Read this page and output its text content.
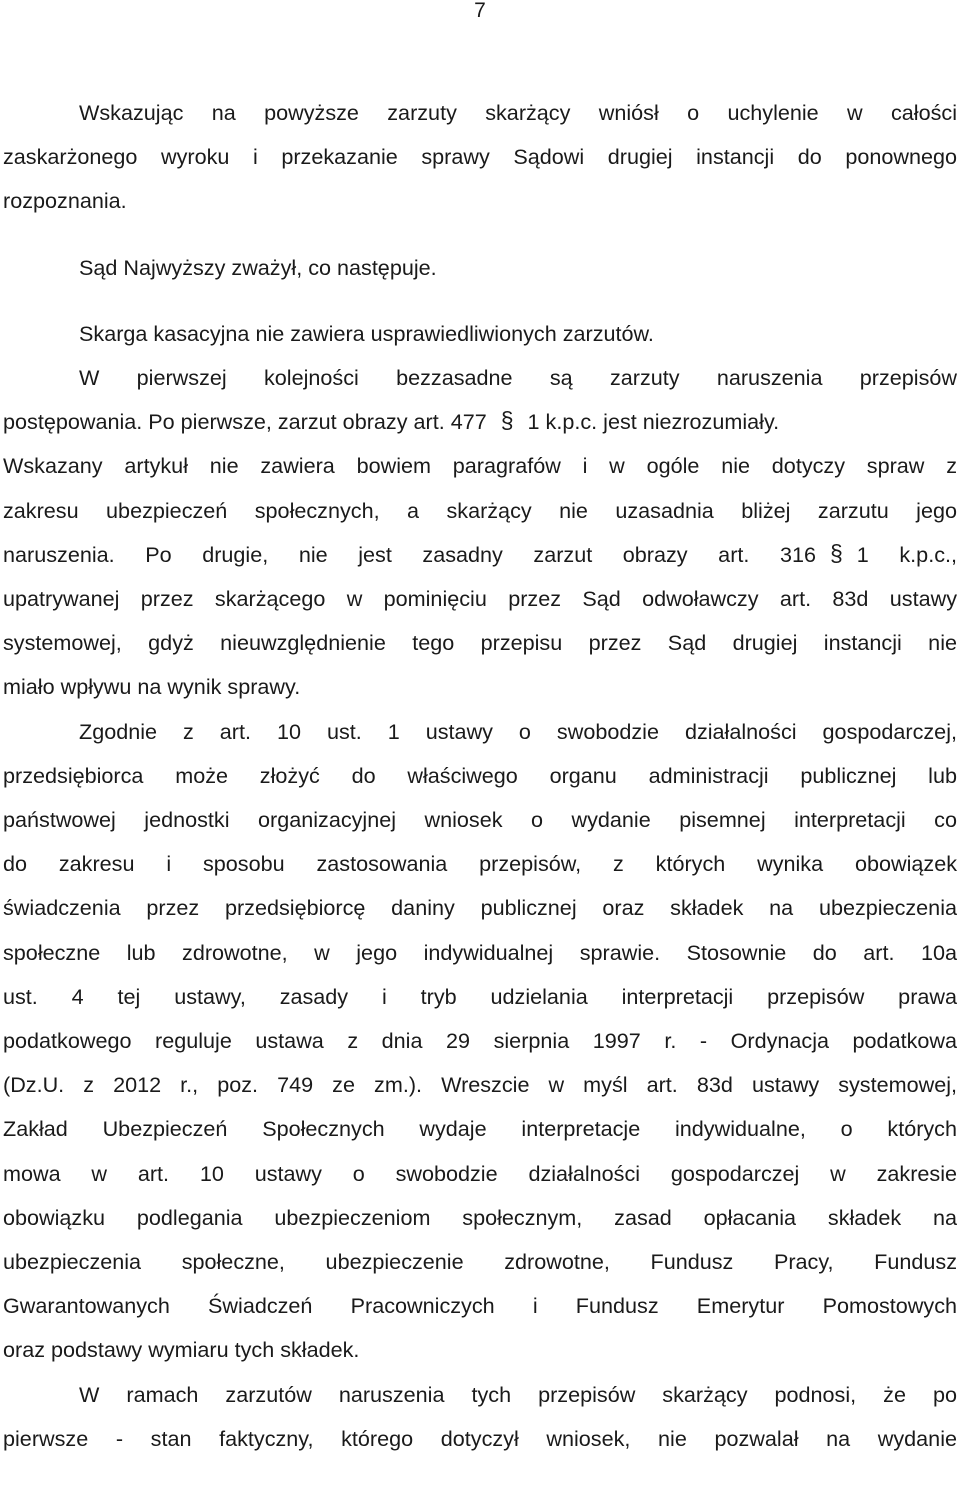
7

Wskazując na powyższe zarzuty skarżący wniósł o uchylenie w całości
zaskarżonego wyroku i przekazanie sprawy Sądowi drugiej instancji do ponownego
rozpoznania.
Sąd Najwyższy zważył, co następuje.
Skarga kasacyjna nie zawiera usprawiedliwionych zarzutów.
W pierwszej kolejności bezzasadne są zarzuty naruszenia przepisów
postępowania. Po pierwsze, zarzut obrazy art. 477 § 1 k.p.c. jest niezrozumiały.
Wskazany artykuł nie zawiera bowiem paragrafów i w ogóle nie dotyczy spraw z
zakresu ubezpieczeń społecznych, a skarżący nie uzasadnia bliżej zarzutu jego
naruszenia. Po drugie, nie jest zasadny zarzut obrazy art. 316 § 1 k.p.c.,
upatrywanej przez skarżącego w pominięciu przez Sąd odwoławczy art. 83d ustawy
systemowej, gdyż nieuwzględnienie tego przepisu przez Sąd drugiej instancji nie
miało wpływu na wynik sprawy.
Zgodnie z art. 10 ust. 1 ustawy o swobodzie działalności gospodarczej,
przedsiębiorca może złożyć do właściwego organu administracji publicznej lub
państwowej jednostki organizacyjnej wniosek o wydanie pisemnej interpretacji co
do zakresu i sposobu zastosowania przepisów, z których wynika obowiązek
świadczenia przez przedsiębiorcę daniny publicznej oraz składek na ubezpieczenia
społeczne lub zdrowotne, w jego indywidualnej sprawie. Stosownie do art. 10a
ust. 4 tej ustawy, zasady i tryb udzielania interpretacji przepisów prawa
podatkowego reguluje ustawa z dnia 29 sierpnia 1997 r. - Ordynacja podatkowa
(Dz.U. z 2012 r., poz. 749 ze zm.). Wreszcie w myśl art. 83d ustawy systemowej,
Zakład Ubezpieczeń Społecznych wydaje interpretacje indywidualne, o których
mowa w art. 10 ustawy o swobodzie działalności gospodarczej w zakresie
obowiązku podlegania ubezpieczeniom społecznym, zasad opłacania składek na
ubezpieczenia społeczne, ubezpieczenie zdrowotne, Fundusz Pracy, Fundusz
Gwarantowanych Świadczeń Pracowniczych i Fundusz Emerytur Pomostowych
oraz podstawy wymiaru tych składek.
W ramach zarzutów naruszenia tych przepisów skarżący podnosi, że po
pierwsze - stan faktyczny, którego dotyczył wniosek, nie pozwalał na wydanie
